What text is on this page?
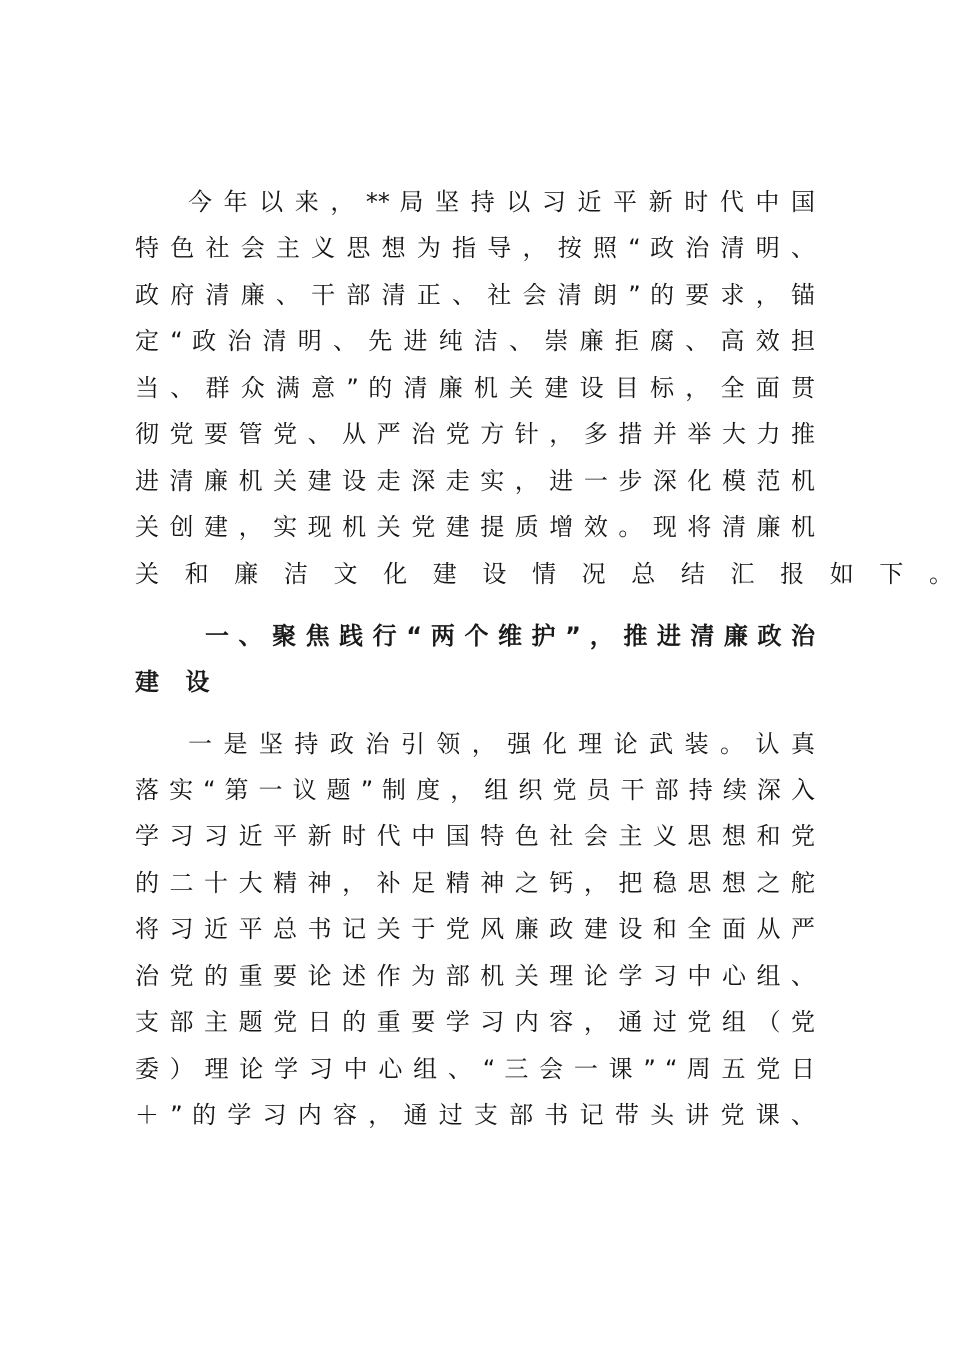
今 年 以 来 ， ** 局 坚 持 以 习 近 平 新 时 代 中 国
特 色 社 会 主 义 思 想 为 指 导 ， 按 照 “ 政 治 清 明 、
政 府 清 廉 、 干 部 清 正 、 社 会 清 朗 ” 的 要 求 ， 锚
定 “ 政 治 清 明 、 先 进 纯 洁 、 崇 廉 拒 腐 、 高 效 担
当 、 群 众 满 意 ” 的 清 廉 机 关 建 设 目 标 ， 全 面 贯
彻 党 要 管 党 、 从 严 治 党 方 针 ， 多 措 并 举 大 力 推
进 清 廉 机 关 建 设 走 深 走 实 ， 进 一 步 深 化 模 范 机
关 创 建 ， 实 现 机 关 党 建 提 质 增 效 。 现 将 清 廉 机
关 和 廉 洁 文 化 建 设 情 况 总 结 汇 报 如 下 。
一 、 聚 焦 践 行 “ 两 个 维 护 ” ， 推 进 清 廉 政 治
建 设
一 是 坚 持 政 治 引 领 ， 强 化 理 论 武 装 。 认 真
落 实 “ 第 一 议 题 ” 制 度 ， 组 织 党 员 干 部 持 续 深 入
学 习 习 近 平 新 时 代 中 国 特 色 社 会 主 义 思 想 和 党
的 二 十 大 精 神 ， 补 足 精 神 之 钙 ， 把 稳 思 想 之 舵
将 习 近 平 总 书 记 关 于 党 风 廉 政 建 设 和 全 面 从 严
治 党 的 重 要 论 述 作 为 部 机 关 理 论 学 习 中 心 组 、
支 部 主 题 党 日 的 重 要 学 习 内 容 ， 通 过 党 组 （ 党
委 ） 理 论 学 习 中 心 组 、 “ 三 会 一 课 ” “ 周 五 党 日
＋ ” 的 学 习 内 容 ， 通 过 支 部 书 记 带 头 讲 党 课 、
